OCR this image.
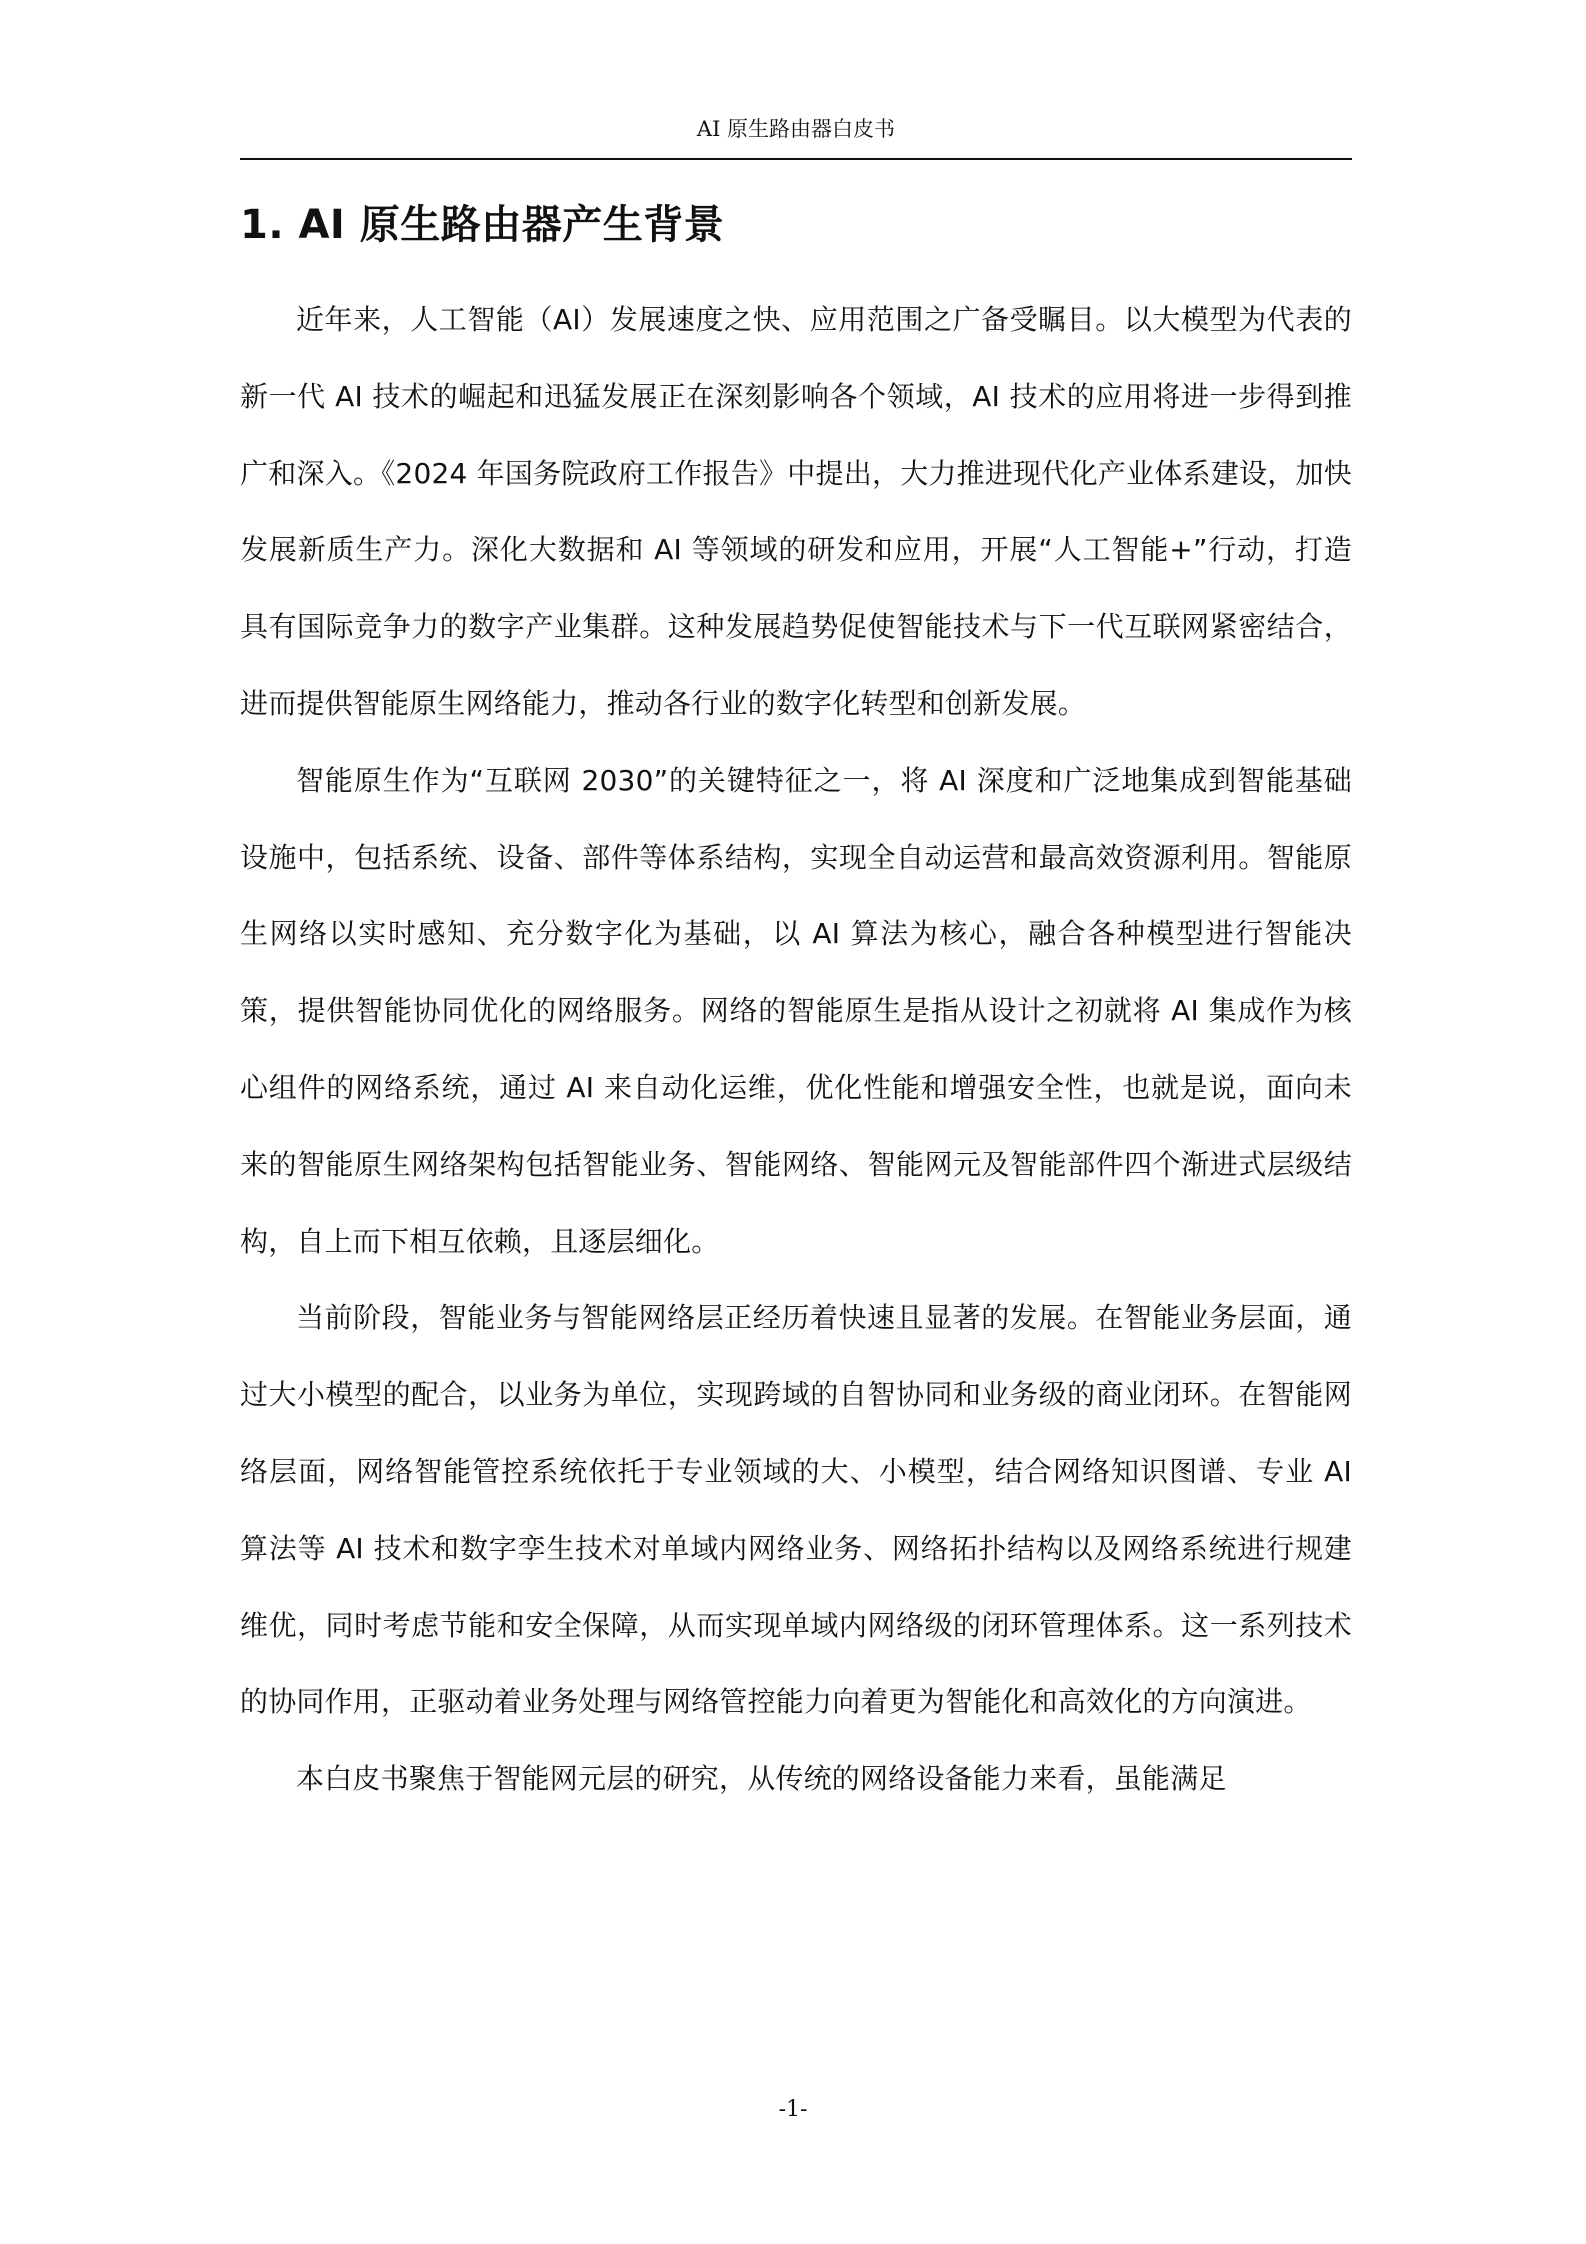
AI 原生路由器白皮书
1. AI 原生路由器产生背景

近年来，人工智能（AI）发展速度之快、应用范围之广备受瞩目。以大模型为代表的新一代 AI 技术的崛起和迅猛发展正在深刻影响各个领域，AI 技术的应用将进一步得到推广和深入。《2024 年国务院政府工作报告》中提出，大力推进现代化产业体系建设，加快发展新质生产力。深化大数据和 AI 等领域的研发和应用，开展“人工智能+”行动，打造具有国际竞争力的数字产业集群。这种发展趋势促使智能技术与下一代互联网紧密结合，进而提供智能原生网络能力，推动各行业的数字化转型和创新发展。

智能原生作为“互联网 2030”的关键特征之一，将 AI 深度和广泛地集成到智能基础设施中，包括系统、设备、部件等体系结构，实现全自动运营和最高效资源利用。智能原生网络以实时感知、充分数字化为基础，以 AI 算法为核心，融合各种模型进行智能决策，提供智能协同优化的网络服务。网络的智能原生是指从设计之初就将 AI 集成作为核心组件的网络系统，通过 AI 来自动化运维，优化性能和增强安全性，也就是说，面向未来的智能原生网络架构包括智能业务、智能网络、智能网元及智能部件四个渐进式层级结构，自上而下相互依赖，且逐层细化。

当前阶段，智能业务与智能网络层正经历着快速且显著的发展。在智能业务层面，通过大小模型的配合，以业务为单位，实现跨域的自智协同和业务级的商业闭环。在智能网络层面，网络智能管控系统依托于专业领域的大、小模型，结合网络知识图谱、专业 AI 算法等 AI 技术和数字孪生技术对单域内网络业务、网络拓扑结构以及网络系统进行规建维优，同时考虑节能和安全保障，从而实现单域内网络级的闭环管理体系。这一系列技术的协同作用，正驱动着业务处理与网络管控能力向着更为智能化和高效化的方向演进。

本白皮书聚焦于智能网元层的研究，从传统的网络设备能力来看，虽能满足

-1-
